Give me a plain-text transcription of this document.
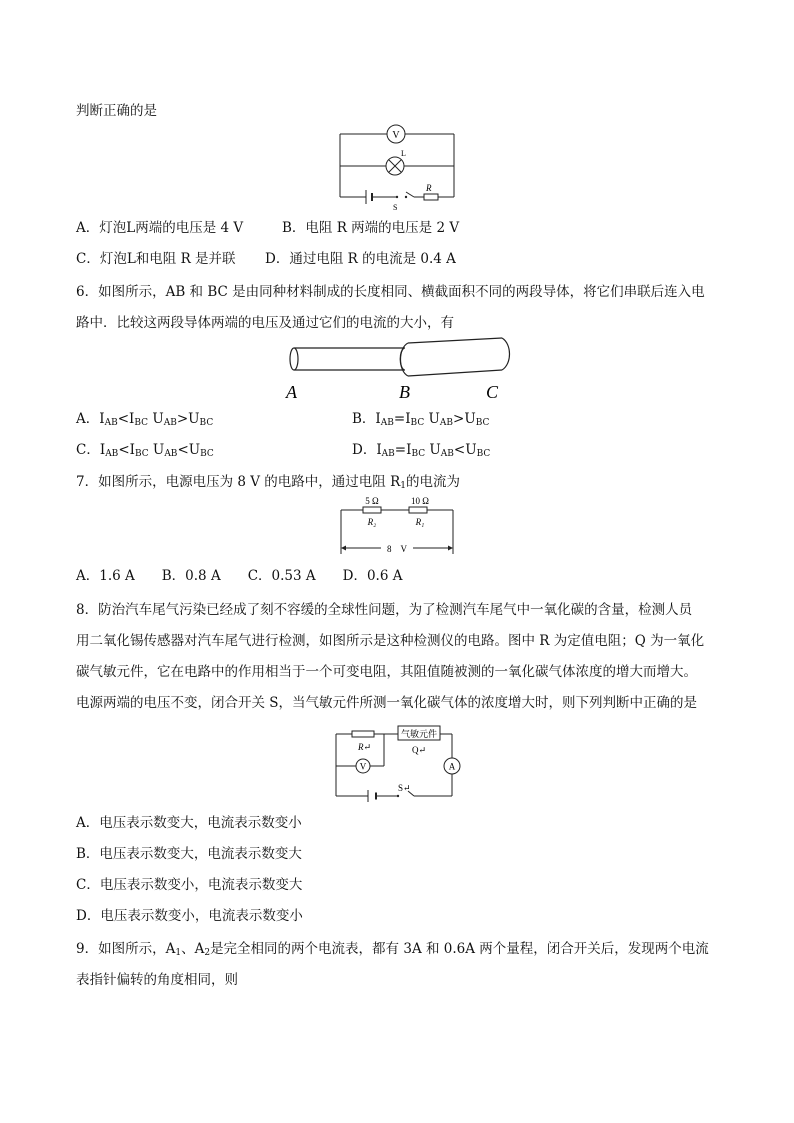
判断正确的是
V
L
S
R
A．灯泡L两端的电压是 4 V	B．电阻 R 两端的电压是 2 V
C．灯泡L和电阻 R 是并联 D．通过电阻 R 的电流是 0.4 A
6．如图所示，AB 和 BC 是由同种材料制成的长度相同、横截面积不同的两段导体，将它们串联后连入电
路中．比较这两段导体两端的电压及通过它们的电流的大小，有
A	B	C
A．$I_{AB}<I_{BC}$ $U_{AB}>U_{BC}$	B．$I_{AB}=I_{BC}$ $U_{AB}>U_{BC}$
C．$I_{AB}<I_{BC}$ $U_{AB}<U_{BC}$	D．$I_{AB}=I_{BC}$ $U_{AB}<U_{BC}$
7．如图所示，电源电压为 8 V 的电路中，通过电阻 $R_1$的电流为
5 Ω	10 Ω
R₂	R₁
8　V
A．1.6 A　　B．0.8 A　　C．0.53 A　　D．0.6 A
8．防治汽车尾气污染已经成了刻不容缓的全球性问题，为了检测汽车尾气中一氧化碳的含量，检测人员
用二氧化锡传感器对汽车尾气进行检测，如图所示是这种检测仪的电路。图中 R 为定值电阻；Q 为一氧化
碳气敏元件，它在电路中的作用相当于一个可变电阻，其阻值随被测的一氧化碳气体浓度的增大而增大。
电源两端的电压不变，闭合开关 S，当气敏元件所测一氧化碳气体的浓度增大时，则下列判断中正确的是
R↵
气敏元件
Q↵
V	A
S↵
A．电压表示数变大，电流表示数变小
B．电压表示数变大，电流表示数变大
C．电压表示数变小，电流表示数变大
D．电压表示数变小，电流表示数变小
9．如图所示，$A_1$、$A_2$是完全相同的两个电流表，都有 3A 和 0.6A 两个量程，闭合开关后，发现两个电流
表指针偏转的角度相同，则
